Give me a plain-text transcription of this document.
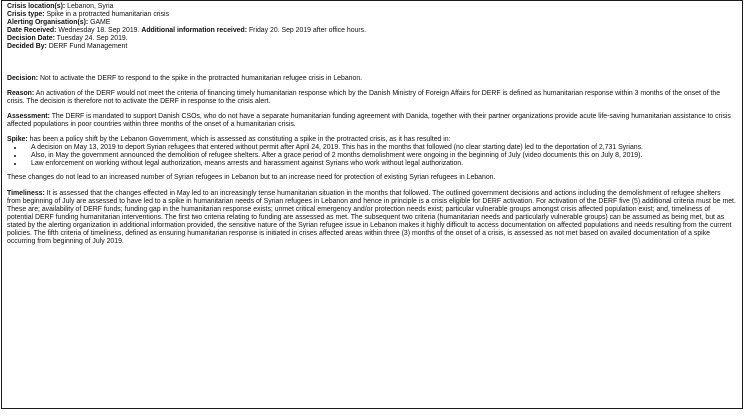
Crisis location(s): Lebanon, Syria
Crisis type: Spike in a protracted humanitarian crisis
Alerting Organisation(s): GAME
Date Received: Wednesday 18. Sep 2019. Additional information received: Friday 20. Sep 2019 after office hours.
Decision Date: Tuesday 24. Sep 2019.
Decided By: DERF Fund Management

Decision: Not to activate the DERF to respond to the spike in the protracted humanitarian refugee crisis in Lebanon.

Reason: An activation of the DERF would not meet the criteria of financing timely humanitarian response which by the Danish Ministry of Foreign Affairs for DERF is defined as humanitarian response within 3 months of the onset of the crisis. The decision is therefore not to activate the DERF in response to the crisis alert.

Assessment: The DERF is mandated to support Danish CSOs, who do not have a separate humanitarian funding agreement with Danida, together with their partner organizations provide acute life-saving humanitarian assistance to crisis affected populations in poor countries within three months of the onset of a humanitarian crisis.

Spike: has been a policy shift by the Lebanon Government, which is assessed as constituting a spike in the protracted crisis, as it has resulted in:

• A decision on May 13, 2019 to deport Syrian refugees that entered without permit after April 24, 2019. This has in the months that followed (no clear starting date) led to the deportation of 2,731 Syrians.
• Also, in May the government announced the demolition of refugee shelters. After a grace period of 2 months demolishment were ongoing in the beginning of July (video documents this on July 8, 2019).
• Law enforcement on working without legal authorization, means arrests and harassment against Syrians who work without legal authorization.

These changes do not lead to an increased number of Syrian refugees in Lebanon but to an increase need for protection of existing Syrian refugees in Lebanon.

Timeliness: It is assessed that the changes effected in May led to an increasingly tense humanitarian situation in the months that followed. The outlined government decisions and actions including the demolishment of refugee shelters from beginning of July are assessed to have led to a spike in humanitarian needs of Syrian refugees in Lebanon and hence in principle is a crisis eligible for DERF activation. For activation of the DERF five (5) additional criteria must be met. These are; availability of DERF funds; funding gap in the humanitarian response exists; unmet critical emergency and/or protection needs exist; particular vulnerable groups amongst crisis affected population exist; and, timeliness of potential DERF funding humanitarian interventions. The first two criteria relating to funding are assessed as met. The subsequent two criteria (humanitarian needs and particularly vulnerable groups) can be assumed as being met, but as stated by the alerting organization in additional information provided, the sensitive nature of the Syrian refugee issue in Lebanon makes it highly difficult to access documentation on affected populations and needs resulting from the current policies. The fifth criteria of timeliness, defined as ensuring humanitarian response is initiated in crises affected areas within three (3) months of the onset of a crisis, is assessed as not met based on availed documentation of a spike occurring from beginning of July 2019.
